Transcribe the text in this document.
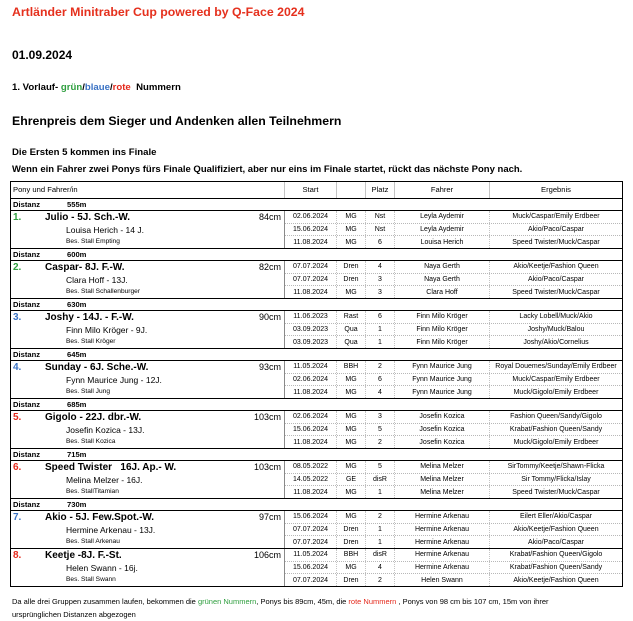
Artländer Minitraber Cup powered by Q-Face 2024
01.09.2024
1. Vorlauf- grün/blaue/rote  Nummern
Ehrenpreis dem Sieger und Andenken allen Teilnehmern
Die Ersten 5 kommen ins Finale
Wenn ein Fahrer zwei Ponys fürs Finale Qualifiziert, aber nur eins im Finale startet, rückt das nächste Pony nach.
Pony und Fahrer/in	Start	Platz	Fahrer	Ergebnis
Distanz	555m
1. Julio - 5J. Sch.-W.	84cm
Louisa Herich - 14 J.
Bes. Stall Empting
02.06.2024	MG	Nst	Leyla Aydemir	Muck/Caspar/Emily Erdbeer
15.06.2024	MG	Nst	Leyla Aydemir	Akio/Paco/Caspar
11.08.2024	MG	6	Louisa Herich	Speed Twister/Muck/Caspar
Distanz	600m
2. Caspar- 8J. F.-W.	82cm
Clara Hoff - 13J.
Bes. Stall Schallenburger
07.07.2024	Dren	4	Naya Gerth	Akio/Keetje/Fashion Queen
07.07.2024	Dren	3	Naya Gerth	Akio/Paco/Caspar
11.08.2024	MG	3	Clara Hoff	Speed Twister/Muck/Caspar
Distanz	630m
3. Joshy - 14J. - F.-W.	90cm
Finn Milo Kröger - 9J.
Bes. Stall Kröger
11.06.2023	Rast	6	Finn Milo Kröger	Lacky Lobell/Muck/Akio
03.09.2023	Qua	1	Finn Milo Kröger	Joshy/Muck/Balou
03.09.2023	Qua	1	Finn Milo Kröger	Joshy/Akio/Cornelius
Distanz	645m
4. Sunday - 6J. Sche.-W.	93cm
Fynn Maurice Jung - 12J.
Bes. Stall Jung
11.05.2024	BBH	2	Fynn Maurice Jung	Royal Douemes/Sunday/Emily Erdbeer
02.06.2024	MG	6	Fynn Maurice Jung	Muck/Caspar/Emily Erdbeer
11.08.2024	MG	4	Fynn Maurice Jung	Muck/Gigolo/Emily Erdbeer
Distanz	685m
5. Gigolo - 22J. dbr.-W.	103cm
Josefin Kozica - 13J.
Bes. Stall Kozica
02.06.2024	MG	3	Josefin Kozica	Fashion Queen/Sandy/Gigolo
15.06.2024	MG	5	Josefin Kozica	Krabat/Fashion Queen/Sandy
11.08.2024	MG	2	Josefin Kozica	Muck/Gigolo/Emily Erdbeer
Distanz	715m
6. Speed Twister   16J. Ap.- W.	103cm
Melina Melzer - 16J.
Bes. StallTitamian
08.05.2022	MG	5	Melina Melzer	SirTommy/Keetje/Shawn-Flicka
14.05.2022	GE	disR	Melina Melzer	Sir Tommy/Flicka/Islay
11.08.2024	MG	1	Melina Melzer	Speed Twister/Muck/Caspar
Distanz	730m
7. Akio - 5J. Few.Spot.-W.	97cm
Hermine Arkenau - 13J.
Bes. Stall Arkenau
15.06.2024	MG	2	Hermine Arkenau	Eilert Eller/Akio/Caspar
07.07.2024	Dren	1	Hermine Arkenau	Akio/Keetje/Fashion Queen
07.07.2024	Dren	1	Hermine Arkenau	Akio/Paco/Caspar
8. Keetje -8J. F.-St.	106cm
Helen Swann - 16j.
Bes. Stall Swann
11.05.2024	BBH	disR	Hermine Arkenau	Krabat/Fashion Queen/Gigolo
15.06.2024	MG	4	Hermine Arkenau	Krabat/Fashion Queen/Sandy
07.07.2024	Dren	2	Helen Swann	Akio/Keetje/Fashion Queen
Da alle drei Gruppen zusammen laufen, bekommen die grünen Nummern, Ponys bis 89cm, 45m, die rote Nummern , Ponys von 98 cm bis 107 cm, 15m von ihrer
ursprünglichen Distanzen abgezogen
